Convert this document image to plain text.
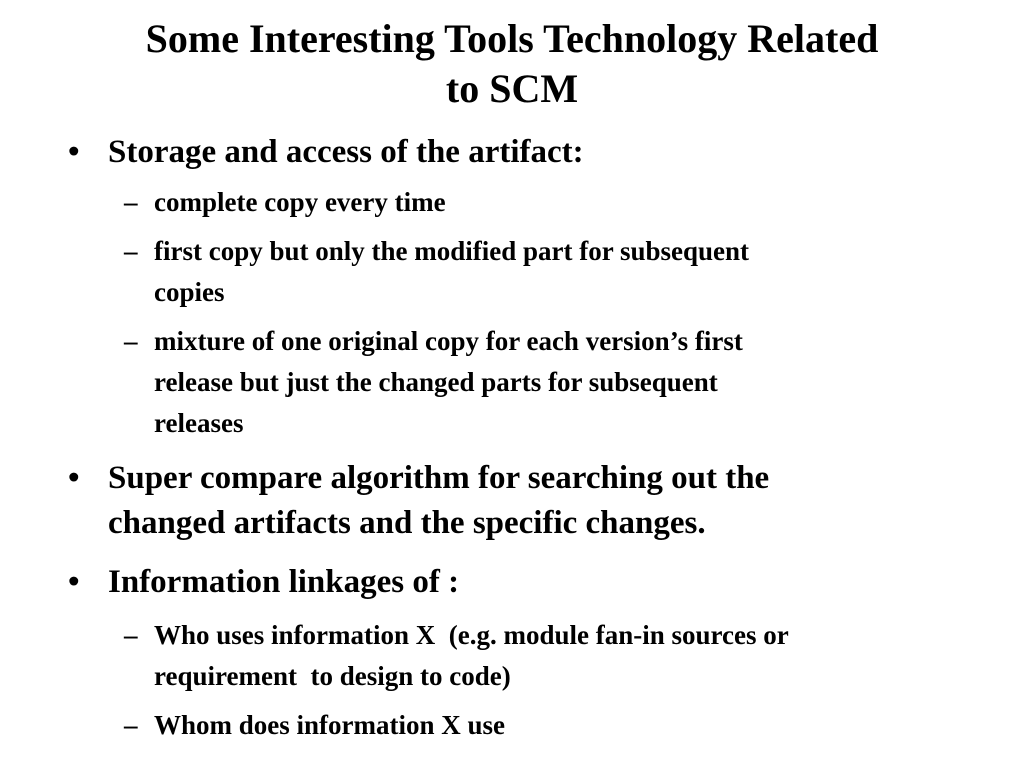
Some Interesting Tools Technology Related
to SCM
• Storage and access of the artifact:
– complete copy every time
– first copy but only the modified part for subsequent
copies
– mixture of one original copy for each version’s first
release but just the changed parts for subsequent
releases
• Super compare algorithm for searching out the
changed artifacts and the specific changes.
• Information linkages of :
– Who uses information X  (e.g. module fan-in sources or
requirement  to design to code)
– Whom does information X use
